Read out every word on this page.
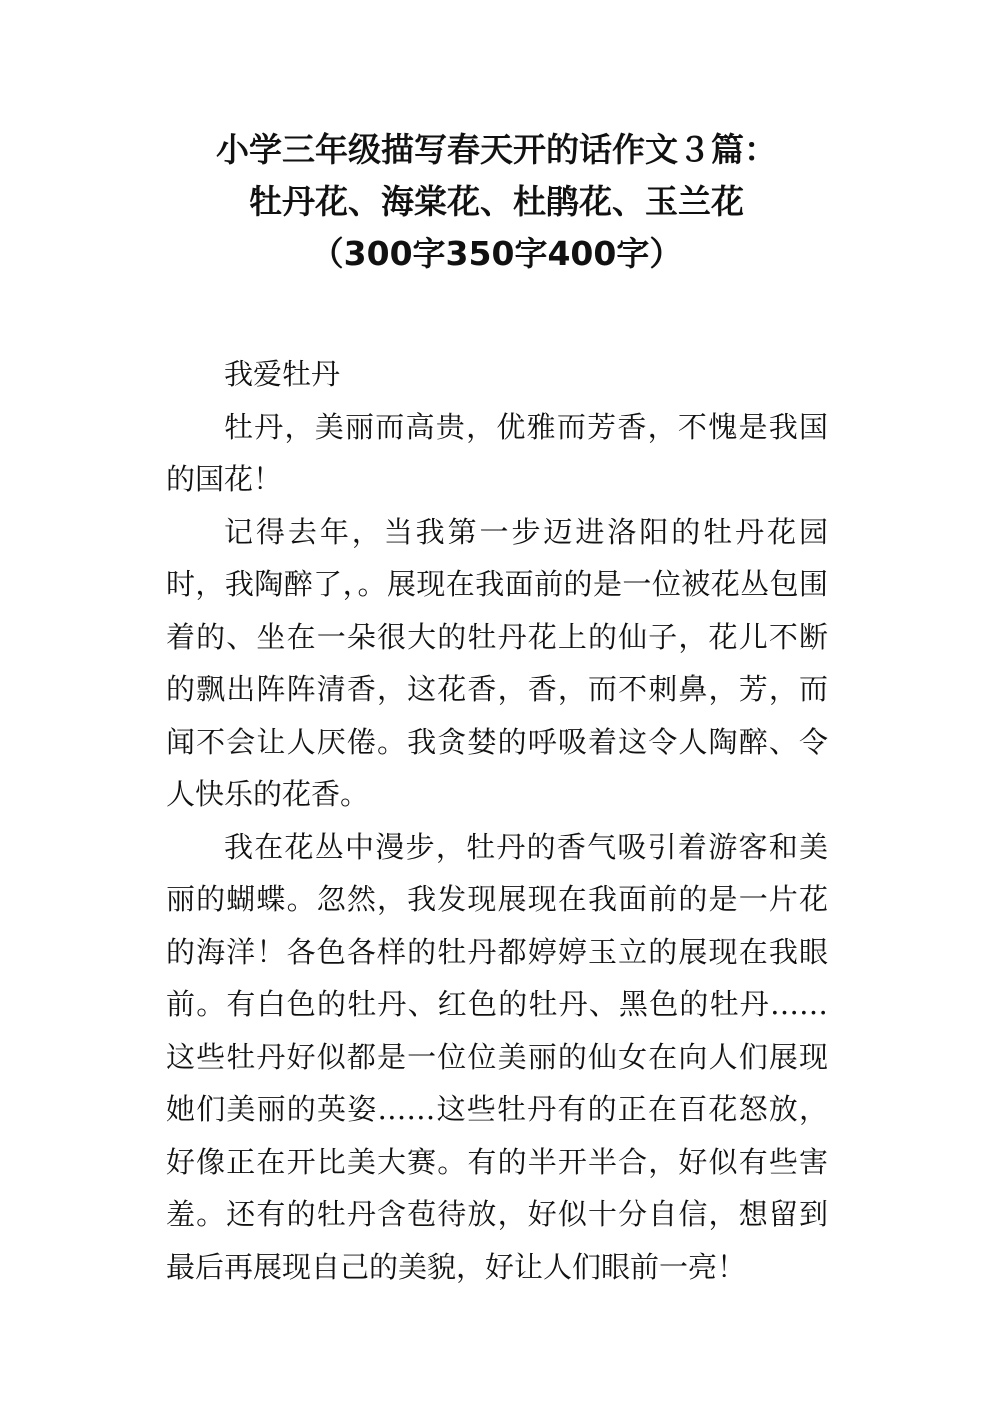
小学三年级描写春天开的话作文３篇：
牡丹花、海棠花、杜鹃花、玉兰花
（300字350字400字）

我爱牡丹

牡丹，美丽而高贵，优雅而芳香，不愧是我国的国花！

记得去年，当我第一步迈进洛阳的牡丹花园时，我陶醉了，。展现在我面前的是一位被花丛包围着的、坐在一朵很大的牡丹花上的仙子，花儿不断的飘出阵阵清香，这花香，香，而不刺鼻，芳，而闻不会让人厌倦。我贪婪的呼吸着这令人陶醉、令人快乐的花香。

我在花丛中漫步，牡丹的香气吸引着游客和美丽的蝴蝶。忽然，我发现展现在我面前的是一片花的海洋！各色各样的牡丹都婷婷玉立的展现在我眼前。有白色的牡丹、红色的牡丹、黑色的牡丹……这些牡丹好似都是一位位美丽的仙女在向人们展现她们美丽的英姿……这些牡丹有的正在百花怒放，好像正在开比美大赛。有的半开半合，好似有些害羞。还有的牡丹含苞待放，好似十分自信，想留到最后再展现自己的美貌，好让人们眼前一亮！
